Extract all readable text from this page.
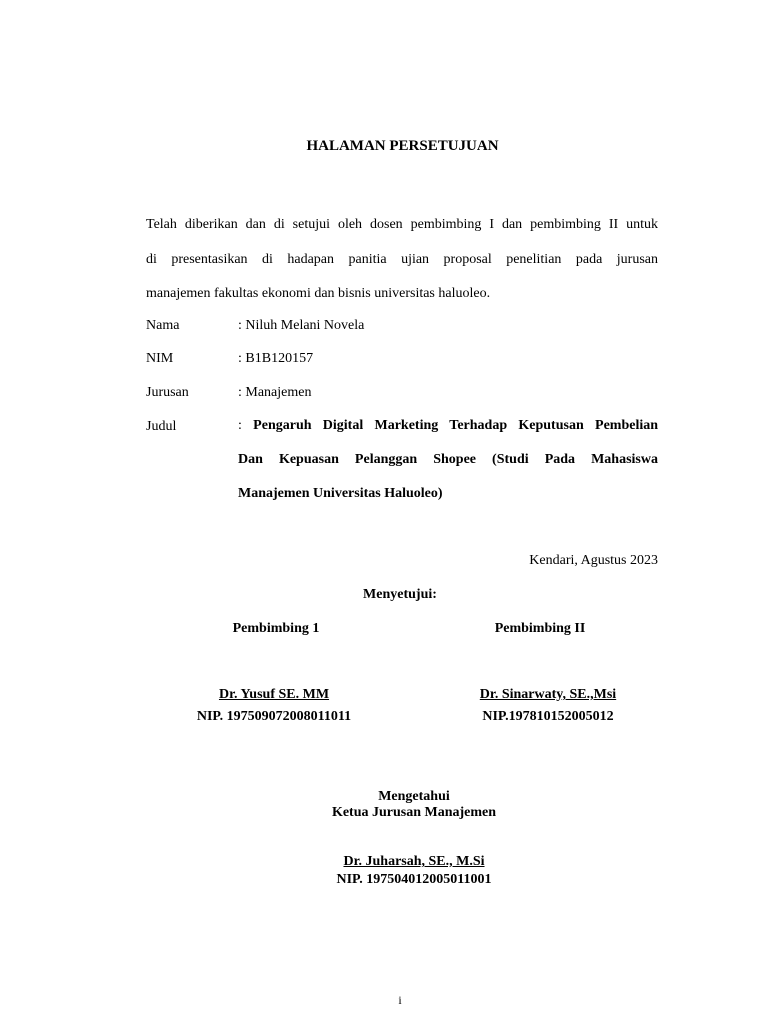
HALAMAN PERSETUJUAN
Telah diberikan dan di setujui oleh dosen pembimbing I dan pembimbing II untuk
di presentasikan di hadapan panitia ujian proposal penelitian pada jurusan
manajemen fakultas ekonomi dan bisnis universitas haluoleo.
Nama	: Niluh Melani Novela
NIM	: B1B120157
Jurusan	: Manajemen
Judul	: Pengaruh Digital Marketing Terhadap Keputusan Pembelian
Dan Kepuasan Pelanggan Shopee (Studi Pada Mahasiswa
Manajemen Universitas Haluoleo)
Kendari, Agustus 2023
Menyetujui:
Pembimbing 1	Pembimbing II
Dr. Yusuf SE. MM	Dr. Sinarwaty, SE.,Msi
NIP. 197509072008011011	NIP.197810152005012
Mengetahui
Ketua Jurusan Manajemen
Dr. Juharsah, SE., M.Si
NIP. 197504012005011001
i
